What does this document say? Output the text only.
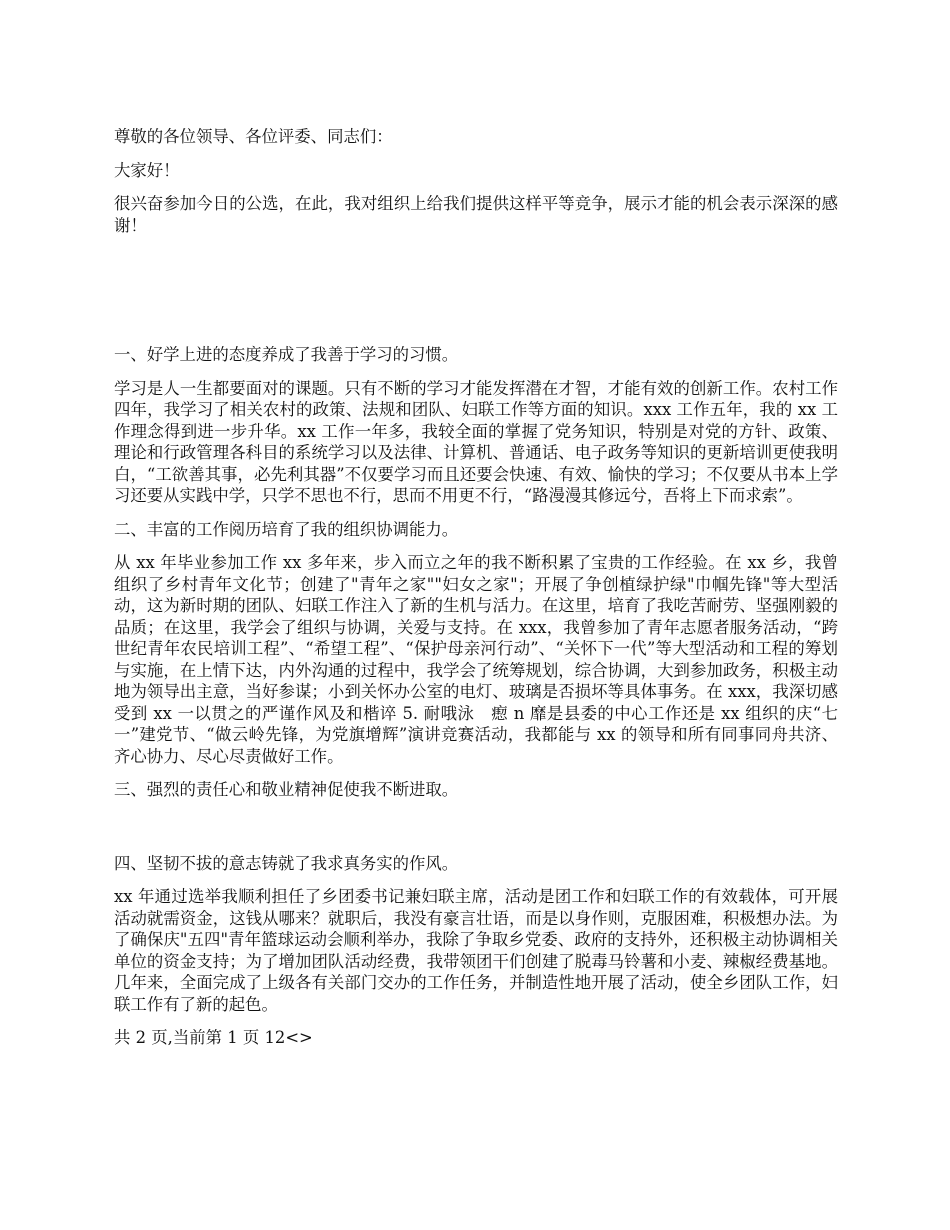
尊敬的各位领导、各位评委、同志们：

大家好！

很兴奋参加今日的公选，在此，我对组织上给我们提供这样平等竞争，展示才能的机会表示深深的感谢！

一、好学上进的态度养成了我善于学习的习惯。

学习是人一生都要面对的课题。只有不断的学习才能发挥潜在才智，才能有效的创新工作。农村工作四年，我学习了相关农村的政策、法规和团队、妇联工作等方面的知识。xxx 工作五年，我的 xx 工作理念得到进一步升华。xx 工作一年多，我较全面的掌握了党务知识，特别是对党的方针、政策、理论和行政管理各科目的系统学习以及法律、计算机、普通话、电子政务等知识的更新培训更使我明白，“工欲善其事，必先利其器”不仅要学习而且还要会快速、有效、愉快的学习；不仅要从书本上学习还要从实践中学，只学不思也不行，思而不用更不行，“路漫漫其修远兮，吾将上下而求索”。

二、丰富的工作阅历培育了我的组织协调能力。

从 xx 年毕业参加工作 xx 多年来，步入而立之年的我不断积累了宝贵的工作经验。在 xx 乡，我曾组织了乡村青年文化节；创建了"青年之家""妇女之家"；开展了争创植绿护绿"巾帼先锋"等大型活动，这为新时期的团队、妇联工作注入了新的生机与活力。在这里，培育了我吃苦耐劳、坚强刚毅的品质；在这里，我学会了组织与协调，关爱与支持。在 xxx，我曾参加了青年志愿者服务活动，“跨世纪青年农民培训工程”、“希望工程”、“保护母亲河行动”、“关怀下一代”等大型活动和工程的筹划与实施，在上情下达，内外沟通的过程中，我学会了统筹规划，综合协调，大到参加政务，积极主动地为领导出主意，当好参谋；小到关怀办公室的电灯、玻璃是否损坏等具体事务。在 xxx，我深切感受到 xx 一以贯之的严谨作风及和楷谇 5. 耐哦泳　瘛 n 靡是县委的中心工作还是 xx 组织的庆“七一”建党节、“做云岭先锋，为党旗增辉”演讲竞赛活动，我都能与 xx 的领导和所有同事同舟共济、齐心协力、尽心尽责做好工作。

三、强烈的责任心和敬业精神促使我不断进取。

四、坚韧不拔的意志铸就了我求真务实的作风。

xx 年通过选举我顺利担任了乡团委书记兼妇联主席，活动是团工作和妇联工作的有效载体，可开展活动就需资金，这钱从哪来？就职后，我没有豪言壮语，而是以身作则，克服困难，积极想办法。为了确保庆"五四"青年篮球运动会顺利举办，我除了争取乡党委、政府的支持外，还积极主动协调相关单位的资金支持；为了增加团队活动经费，我带领团干们创建了脱毒马铃薯和小麦、辣椒经费基地。几年来，全面完成了上级各有关部门交办的工作任务，并制造性地开展了活动，使全乡团队工作，妇联工作有了新的起色。

共 2 页,当前第 1 页 12<>
